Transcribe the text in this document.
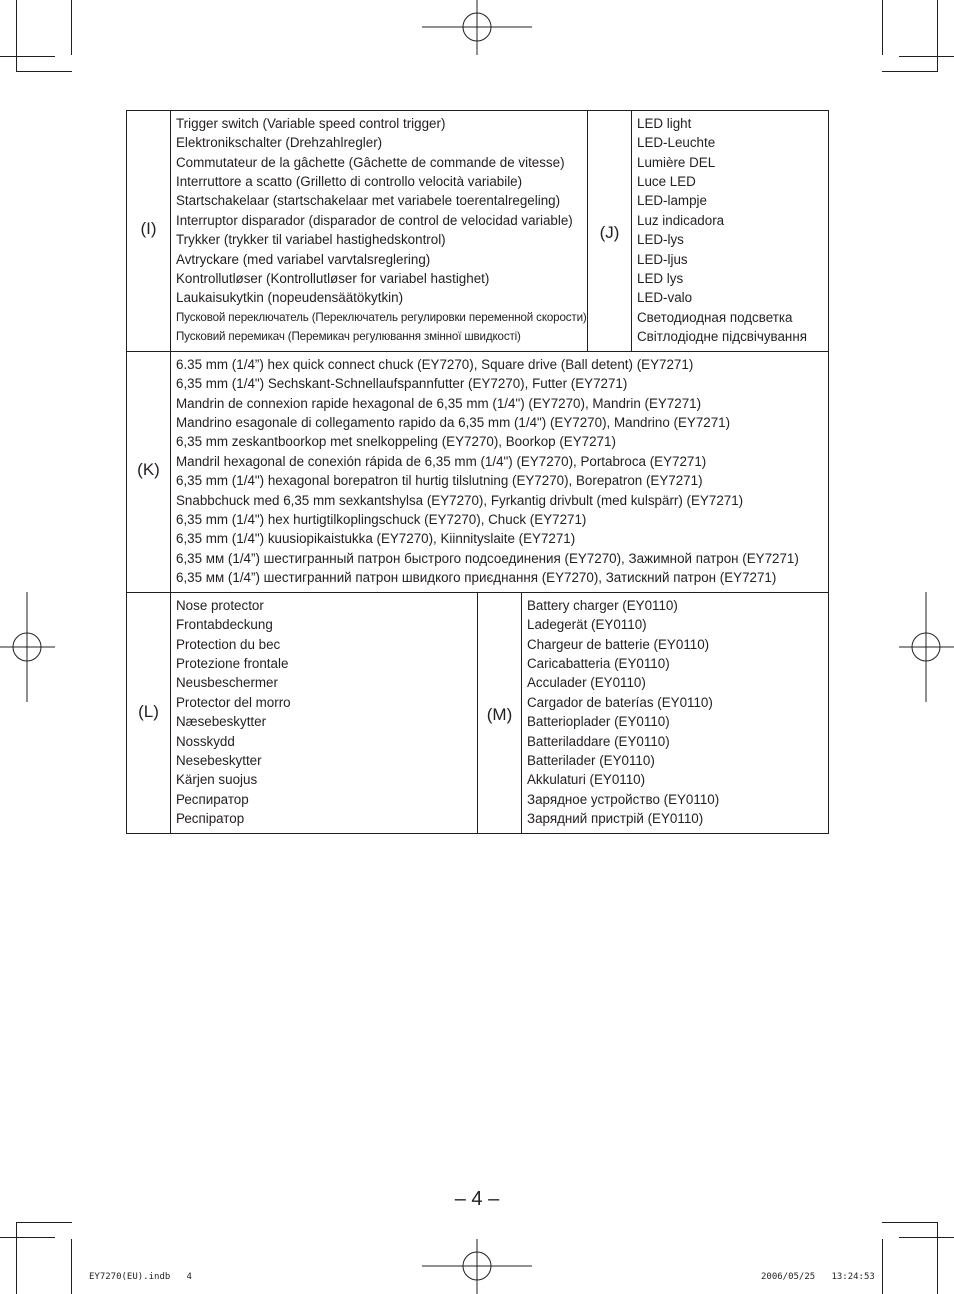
(I)
Trigger switch (Variable speed control trigger)
Elektronikschalter (Drehzahlregler)
Commutateur de la gâchette (Gâchette de commande de vitesse)
Interruttore a scatto (Grilletto di controllo velocità variabile)
Startschakelaar (startschakelaar met variabele toerentalregeling)
Interruptor disparador (disparador de control de velocidad variable)
Trykker (trykker til variabel hastighedskontrol)
Avtryckare (med variabel varvtalsreglering)
Kontrollutløser (Kontrollutløser for variabel hastighet)
Laukaisukytkin (nopeudensäätökytkin)
Пусковой переключатель (Переключатель регулировки переменной скорости)
Пусковий перемикач (Перемикач регулювання змінної швидкості)
(J)
LED light
LED-Leuchte
Lumière DEL
Luce LED
LED-lampje
Luz indicadora
LED-lys
LED-ljus
LED lys
LED-valo
Светодиодная подсветка
Світлодіодне підсвічування
(K)
6.35 mm (1/4”) hex quick connect chuck (EY7270), Square drive (Ball detent) (EY7271)
6,35 mm (1/4") Sechskant-Schnellaufspannfutter (EY7270), Futter (EY7271)
Mandrin de connexion rapide hexagonal de 6,35 mm (1/4") (EY7270), Mandrin (EY7271)
Mandrino esagonale di collegamento rapido da 6,35 mm (1/4") (EY7270), Mandrino (EY7271)
6,35 mm zeskantboorkop met snelkoppeling (EY7270), Boorkop (EY7271)
Mandril hexagonal de conexión rápida de 6,35 mm (1/4") (EY7270), Portabroca (EY7271)
6,35 mm (1/4") hexagonal borepatron til hurtig tilslutning (EY7270), Borepatron (EY7271)
Snabbchuck med 6,35 mm sexkantshylsa (EY7270), Fyrkantig drivbult (med kulspärr) (EY7271)
6,35 mm (1/4") hex hurtigtilkoplingschuck (EY7270), Chuck (EY7271)
6,35 mm (1/4") kuusiopikaistukka (EY7270), Kiinnityslaite (EY7271)
6,35 мм (1/4”) шестигранный патрон быстрого подсоединения (EY7270), Зажимной патрон (EY7271)
6,35 мм (1/4”) шестигранний патрон швидкого приєднання (EY7270), Затискний патрон (EY7271)
(L)
Nose protector
Frontabdeckung
Protection du bec
Protezione frontale
Neusbeschermer
Protector del morro
Næsebeskytter
Nosskydd
Nesebeskytter
Kärjen suojus
Респиратор
Респіратор
(M)
Battery charger (EY0110)
Ladegerät (EY0110)
Chargeur de batterie (EY0110)
Caricabatteria (EY0110)
Acculader (EY0110)
Cargador de baterías (EY0110)
Batterioplader (EY0110)
Batteriladdare (EY0110)
Batterilader (EY0110)
Akkulaturi (EY0110)
Зарядное устройство (EY0110)
Зарядний пристрій (EY0110)
– 4 –
EY7270(EU).indb   4	2006/05/25   13:24:53
